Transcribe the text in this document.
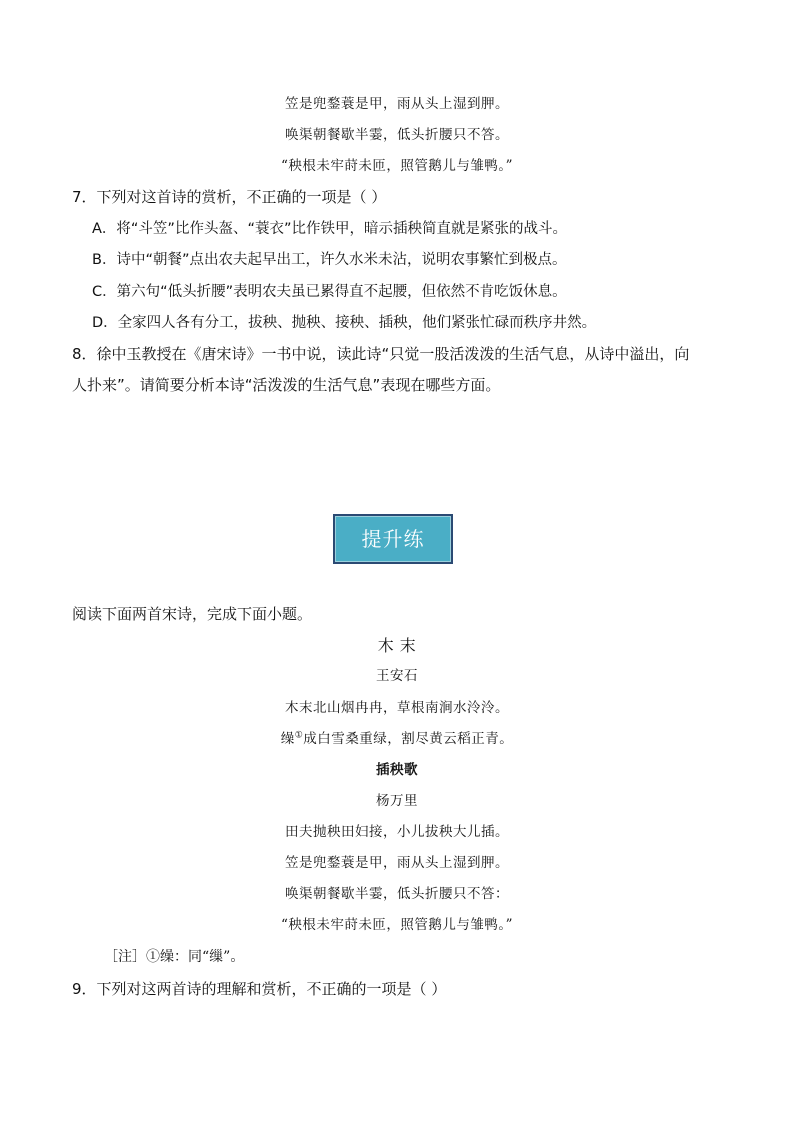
笠是兜鍪蓑是甲，雨从头上湿到胛。
唤渠朝餐歇半霎，低头折腰只不答。
“秧根未牢莳未匝，照管鹅儿与雏鸭。”
7．下列对这首诗的赏析，不正确的一项是（ ）
A．将“斗笠”比作头盔、“蓑衣”比作铁甲，暗示插秧简直就是紧张的战斗。
B．诗中“朝餐”点出农夫起早出工，许久水米未沾，说明农事繁忙到极点。
C．第六句“低头折腰”表明农夫虽已累得直不起腰，但依然不肯吃饭休息。
D．全家四人各有分工，拔秧、抛秧、接秧、插秧，他们紧张忙碌而秩序井然。
8．徐中玉教授在《唐宋诗》一书中说，读此诗“只觉一股活泼泼的生活气息，从诗中溢出，向
人扑来”。请简要分析本诗“活泼泼的生活气息”表现在哪些方面。
提升练
阅读下面两首宋诗，完成下面小题。
木 末
王安石
木末北山烟冉冉，草根南涧水泠泠。
缲①成白雪桑重绿，割尽黄云稻正青。
插秧歌
杨万里
田夫抛秧田妇接，小儿拔秧大儿插。
笠是兜鍪蓑是甲，雨从头上湿到胛。
唤渠朝餐歇半霎，低头折腰只不答：
“秧根未牢莳未匝，照管鹅儿与雏鸭。”
［注］①缲：同“缫”。
9．下列对这两首诗的理解和赏析，不正确的一项是（ ）
